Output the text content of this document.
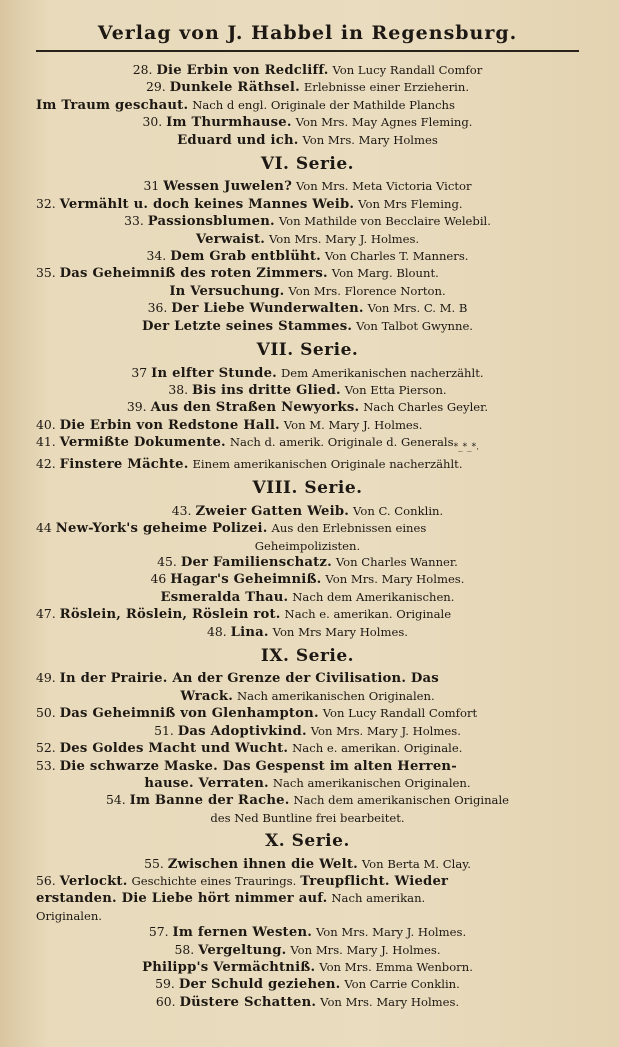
Verlag von J. Habbel in Regensburg.
28. Die Erbin von Redcliff. Von Lucy Randall Comfor
29. Dunkele Räthsel. Erlebnisse einer Erzieherin.
Im Traum geschaut. Nach d engl. Originale der Mathilde Planchs
30. Im Thurmhause. Von Mrs. May Agnes Fleming.
Eduard und ich. Von Mrs. Mary Holmes
VI. Serie.
31 Wessen Juwelen? Von Mrs. Meta Victoria Victor
32. Vermählt u. doch keines Mannes Weib. Von Mrs Fleming.
33. Passionsblumen. Von Mathilde von Becclaire Welebil.
Verwaist. Von Mrs. Mary J. Holmes.
34. Dem Grab entblüht. Von Charles T. Manners.
35. Das Geheimniß des roten Zimmers. Von Marg. Blount.
In Versuchung. Von Mrs. Florence Norton.
36. Der Liebe Wunderwalten. Von Mrs. C. M. B
Der Letzte seines Stammes. Von Talbot Gwynne.
VII. Serie.
37 In elfter Stunde. Dem Amerikanischen nacherzählt.
38. Bis ins dritte Glied. Von Etta Pierson.
39. Aus den Straßen Newyorks. Nach Charles Geyler.
40. Die Erbin von Redstone Hall. Von M. Mary J. Holmes.
41. Vermißte Dokumente. Nach d. amerik. Originale d. Generals$_{*\_*\_*.}$
42. Finstere Mächte. Einem amerikanischen Originale nacherzählt.
VIII. Serie.
43. Zweier Gatten Weib. Von C. Conklin.
44 New-York's geheime Polizei. Aus den Erlebnissen eines
Geheimpolizisten.
45. Der Familienschatz. Von Charles Wanner.
46 Hagar's Geheimniß. Von Mrs. Mary Holmes.
Esmeralda Thau. Nach dem Amerikanischen.
47. Röslein, Röslein, Röslein rot. Nach e. amerikan. Originale
48. Lina. Von Mrs Mary Holmes.
IX. Serie.
49. In der Prairie. An der Grenze der Civilisation. Das
Wrack. Nach amerikanischen Originalen.
50. Das Geheimniß von Glenhampton. Von Lucy Randall Comfort
51. Das Adoptivkind. Von Mrs. Mary J. Holmes.
52. Des Goldes Macht und Wucht. Nach e. amerikan. Originale.
53. Die schwarze Maske. Das Gespenst im alten Herren-
hause. Verraten. Nach amerikanischen Originalen.
54. Im Banne der Rache. Nach dem amerikanischen Originale
des Ned Buntline frei bearbeitet.
X. Serie.
55. Zwischen ihnen die Welt. Von Berta M. Clay.
56. Verlockt. Geschichte eines Traurings. Treupflicht. Wieder
erstanden. Die Liebe hört nimmer auf. Nach amerikan.
Originalen.
57. Im fernen Westen. Von Mrs. Mary J. Holmes.
58. Vergeltung. Von Mrs. Mary J. Holmes.
Philipp's Vermächtniß. Von Mrs. Emma Wenborn.
59. Der Schuld geziehen. Von Carrie Conklin.
60. Düstere Schatten. Von Mrs. Mary Holmes.
